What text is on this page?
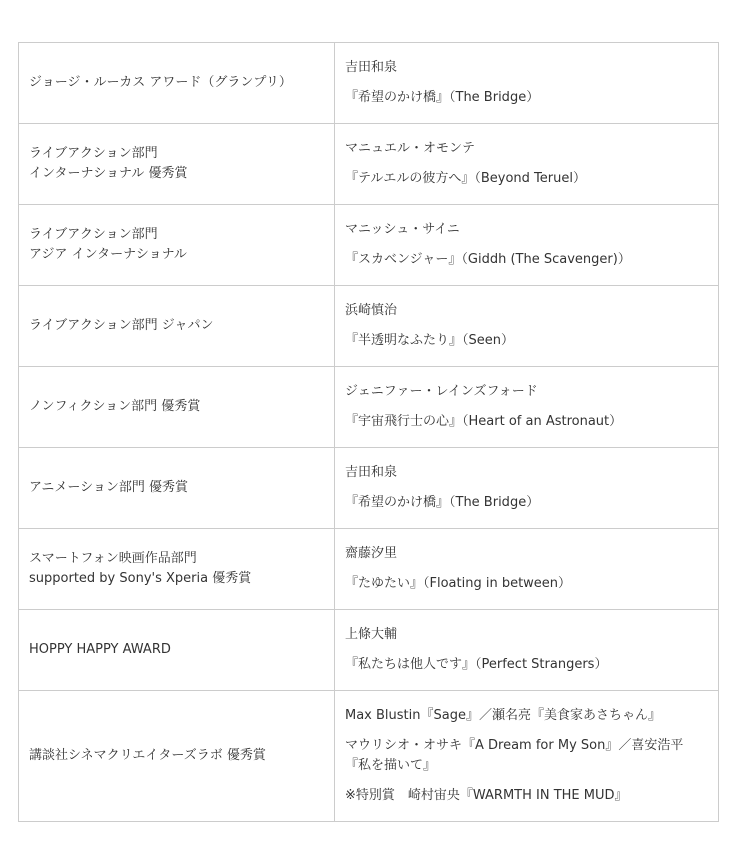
ジョージ・ルーカス アワード（グランプリ）	吉田和泉
『希望のかけ橋』（The Bridge）

ライブアクション部門
インターナショナル 優秀賞	マニュエル・オモンテ
『テルエルの彼方へ』（Beyond Teruel）

ライブアクション部門
アジア インターナショナル	マニッシュ・サイニ
『スカベンジャー』（Giddh (The Scavenger)）

ライブアクション部門 ジャパン	浜崎慎治
『半透明なふたり』（Seen）

ノンフィクション部門 優秀賞	ジェニファー・レインズフォード
『宇宙飛行士の心』（Heart of an Astronaut）

アニメーション部門 優秀賞	吉田和泉
『希望のかけ橋』（The Bridge）

スマートフォン映画作品部門
supported by Sony's Xperia 優秀賞	齋藤汐里
『たゆたい』（Floating in between）

HOPPY HAPPY AWARD	上條大輔
『私たちは他人です』（Perfect Strangers）

講談社シネマクリエイターズラボ 優秀賞	Max Blustin『Sage』／瀬名亮『美食家あさちゃん』
マウリシオ・オサキ『A Dream for My Son』／喜安浩平『私を描いて』
※特別賞　崎村宙央『WARMTH IN THE MUD』
